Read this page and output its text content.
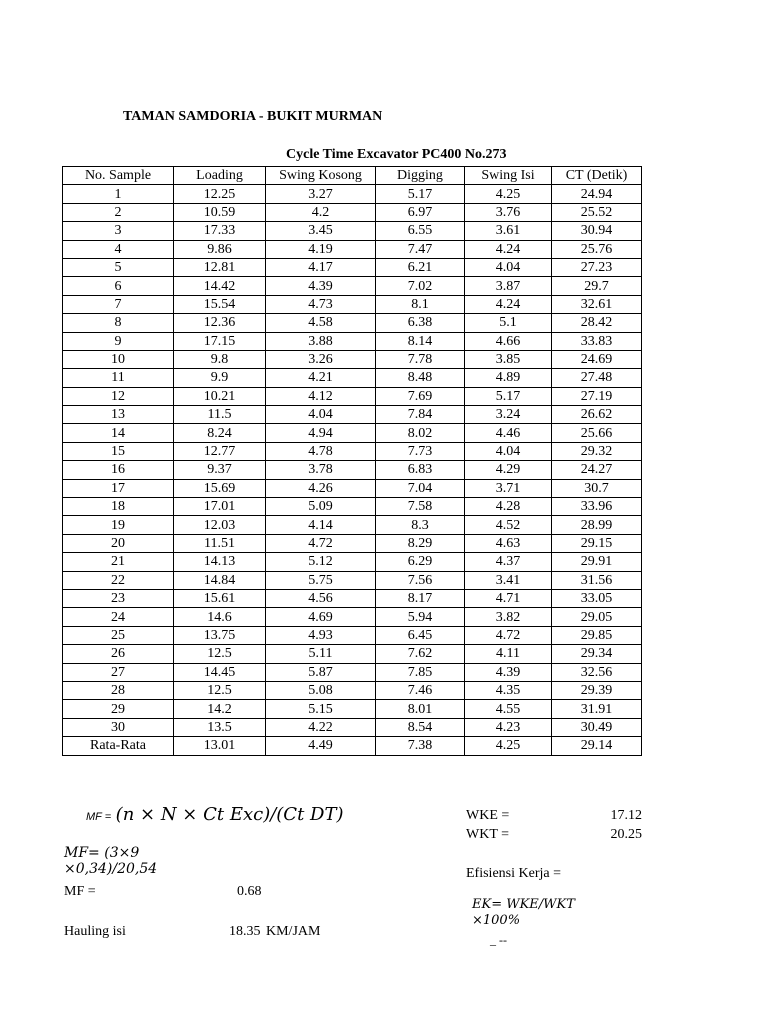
TAMAN SAMDORIA - BUKIT MURMAN
Cycle Time Excavator PC400 No.273
No. Sample	Loading	Swing Kosong	Digging	Swing Isi	CT (Detik)
1	12.25	3.27	5.17	4.25	24.94
2	10.59	4.2	6.97	3.76	25.52
3	17.33	3.45	6.55	3.61	30.94
4	9.86	4.19	7.47	4.24	25.76
5	12.81	4.17	6.21	4.04	27.23
6	14.42	4.39	7.02	3.87	29.7
7	15.54	4.73	8.1	4.24	32.61
8	12.36	4.58	6.38	5.1	28.42
9	17.15	3.88	8.14	4.66	33.83
10	9.8	3.26	7.78	3.85	24.69
11	9.9	4.21	8.48	4.89	27.48
12	10.21	4.12	7.69	5.17	27.19
13	11.5	4.04	7.84	3.24	26.62
14	8.24	4.94	8.02	4.46	25.66
15	12.77	4.78	7.73	4.04	29.32
16	9.37	3.78	6.83	4.29	24.27
17	15.69	4.26	7.04	3.71	30.7
18	17.01	5.09	7.58	4.28	33.96
19	12.03	4.14	8.3	4.52	28.99
20	11.51	4.72	8.29	4.63	29.15
21	14.13	5.12	6.29	4.37	29.91
22	14.84	5.75	7.56	3.41	31.56
23	15.61	4.56	8.17	4.71	33.05
24	14.6	4.69	5.94	3.82	29.05
25	13.75	4.93	6.45	4.72	29.85
26	12.5	5.11	7.62	4.11	29.34
27	14.45	5.87	7.85	4.39	32.56
28	12.5	5.08	7.46	4.35	29.39
29	14.2	5.15	8.01	4.55	31.91
30	13.5	4.22	8.54	4.23	30.49
Rata-Rata	13.01	4.49	7.38	4.25	29.14
MF = (n × N × Ct Exc)/(Ct DT)
MF= (3×9 ×0,34)/20,54
MF =	0.68
Hauling isi	18.35 KM/JAM
WKE =	17.12
WKT =	20.25
Efisiensi Kerja =
EK= WKE/WKT ×100%
_ --
